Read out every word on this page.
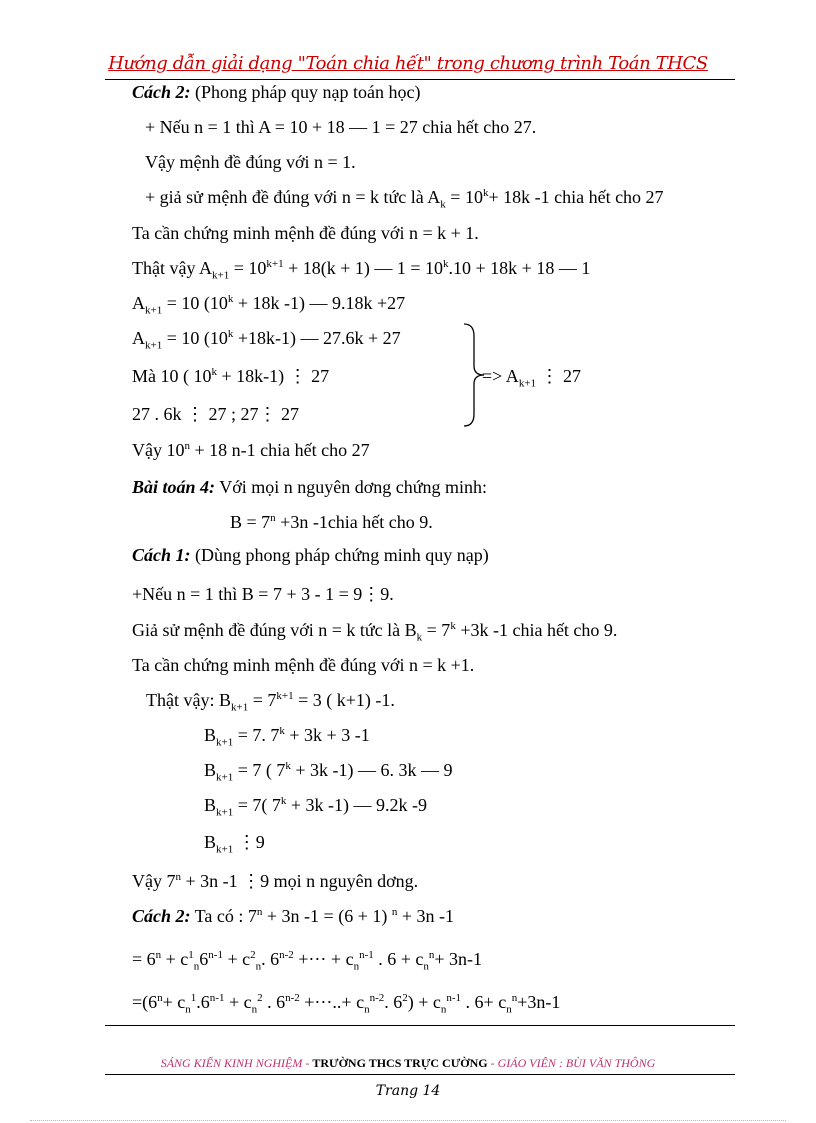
Hướng dẫn giải dạng "Toán chia hết" trong chương trình Toán THCS
Cách 2: (Phong pháp quy nạp toán học)
+ Nếu n = 1 thì A = 10 + 18 — 1 = 27 chia hết cho 27.
Vậy mệnh đề đúng với n = 1.
+ giả sử mệnh đề đúng với n = k tức là $A_k = 10^k+ 18k$ -1 chia hết cho 27
Ta cần chứng minh mệnh đề đúng với n = k + 1.
Thật vậy $A_{k+1} = 10^{k+1} + 18(k + 1)$ — $1 = 10^k.10 + 18k + 18$ — 1
$A_{k+1} = 10$ ($10^k + 18k$ -1) — 9.18k +27
$A_{k+1} = 10$ $(10^k +18k-1)$ — 27.6k + 27
Mà 10 ( $10^k + 18k-1$) ⋮ 27
27 . 6k ⋮ 27 ; 27⋮ 27
=> $A_{k+1}$ ⋮ 27
Vậy $10^n + 18$ n-1 chia hết cho 27
Bài toán 4: Với mọi n nguyên dơng chứng minh:
$B = 7^n +3n$ -1chia hết cho 9.
Cách 1: (Dùng phong pháp chứng minh quy nạp)
+Nếu n = 1 thì B = 7 + 3 - 1 = 9⋮9.
Giả sử mệnh đề đúng với n = k tức là $B_k = 7^k +3k$ -1 chia hết cho 9.
Ta cần chứng minh mệnh đề đúng với n = k +1.
Thật vậy: $B_{k+1} = 7^{k+1} = 3$ ( k+1) -1.
$B_{k+1} = 7$. $7^k + 3k + 3$ -1
$B_{k+1} = 7$ ( $7^k + 3k$ -1) — 6. 3k — 9
$B_{k+1} = 7$( $7^k + 3k$ -1) — 9.2k -9
$B_{k+1}$ ⋮9
Vậy $7^n + 3n$ -1 ⋮9 mọi n nguyên dơng.
Cách 2: Ta có : $7^n + 3n$ -1 = (6 + 1) $^n$ + 3n -1
= $6^n + c^1_n6^{n-1} + c^2_n$. $6^{n-2}$ +··· + $c_n^{n-1}$ . $6 + c_n^n+ 3n-1$
$=(6^n+ c_n^1.6^{n-1} + c_n^2$ . $6^{n-2}$ +···..+ $c_n^{n-2}$. $6^2) + c_n^{n-1}$ . $6+ c_n^n+3n-1$
SÁNG KIẾN KINH NGHIỆM - TRƯỜNG THCS TRỰC CƯỜNG - GIÁO VIÊN : BÙI VĂN THÔNG
Trang 14
